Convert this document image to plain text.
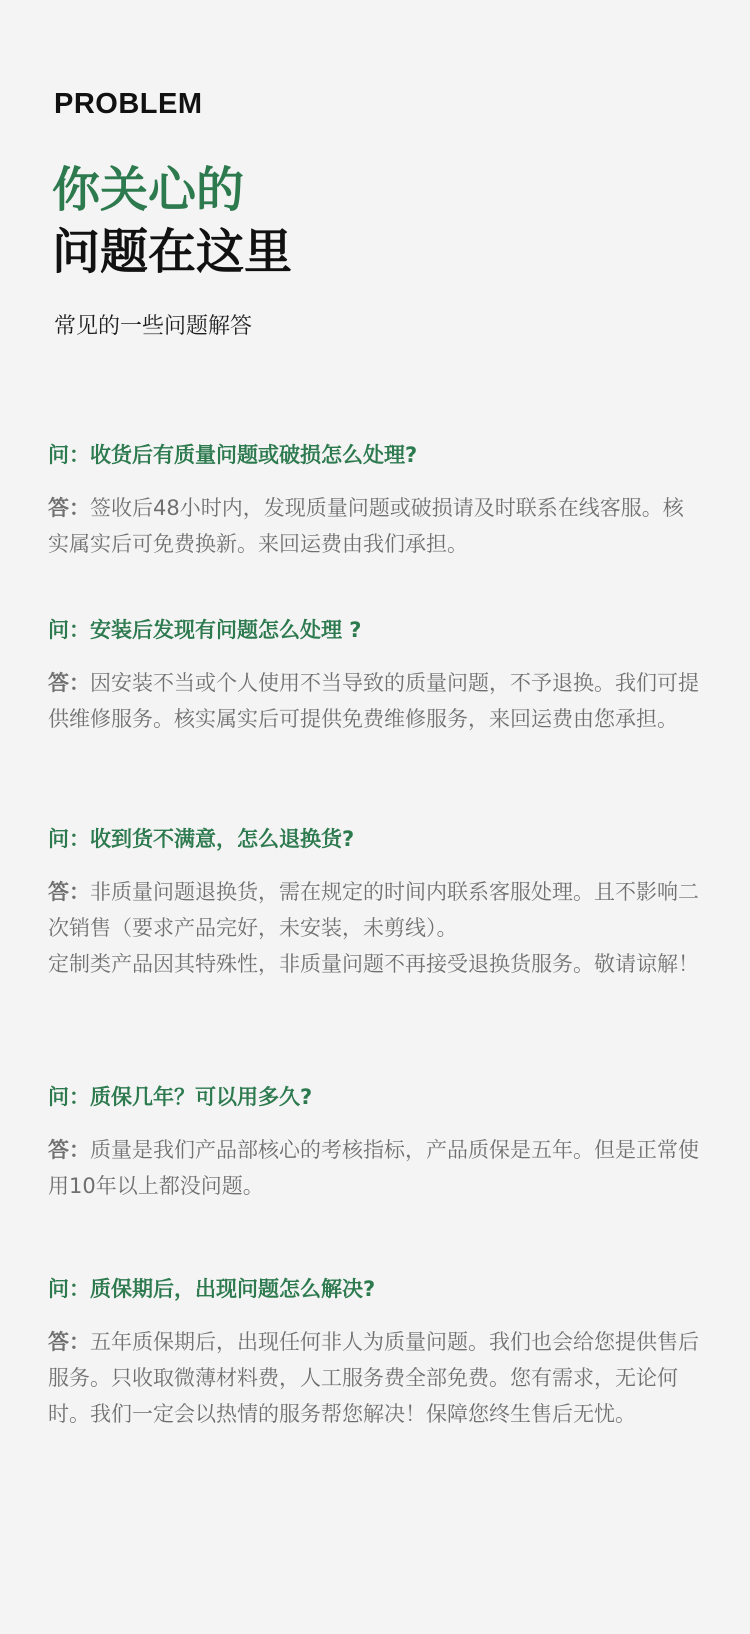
PROBLEM
你关心的
问题在这里
常见的一些问题解答

问：收货后有质量问题或破损怎么处理?

答：签收后48小时内，发现质量问题或破损请及时联系在线客服。核实属实后可免费换新。来回运费由我们承担。

问：安装后发现有问题怎么处理 ?

答：因安装不当或个人使用不当导致的质量问题，不予退换。我们可提供维修服务。核实属实后可提供免费维修服务，来回运费由您承担。

问：收到货不满意，怎么退换货?

答：非质量问题退换货，需在规定的时间内联系客服处理。且不影响二次销售（要求产品完好，未安装，未剪线）。
定制类产品因其特殊性，非质量问题不再接受退换货服务。敬请谅解！

问：质保几年？可以用多久?

答：质量是我们产品部核心的考核指标，产品质保是五年。但是正常使用10年以上都没问题。

问：质保期后，出现问题怎么解决?

答：五年质保期后，出现任何非人为质量问题。我们也会给您提供售后服务。只收取微薄材料费，人工服务费全部免费。您有需求，无论何时。我们一定会以热情的服务帮您解决！保障您终生售后无忧。
